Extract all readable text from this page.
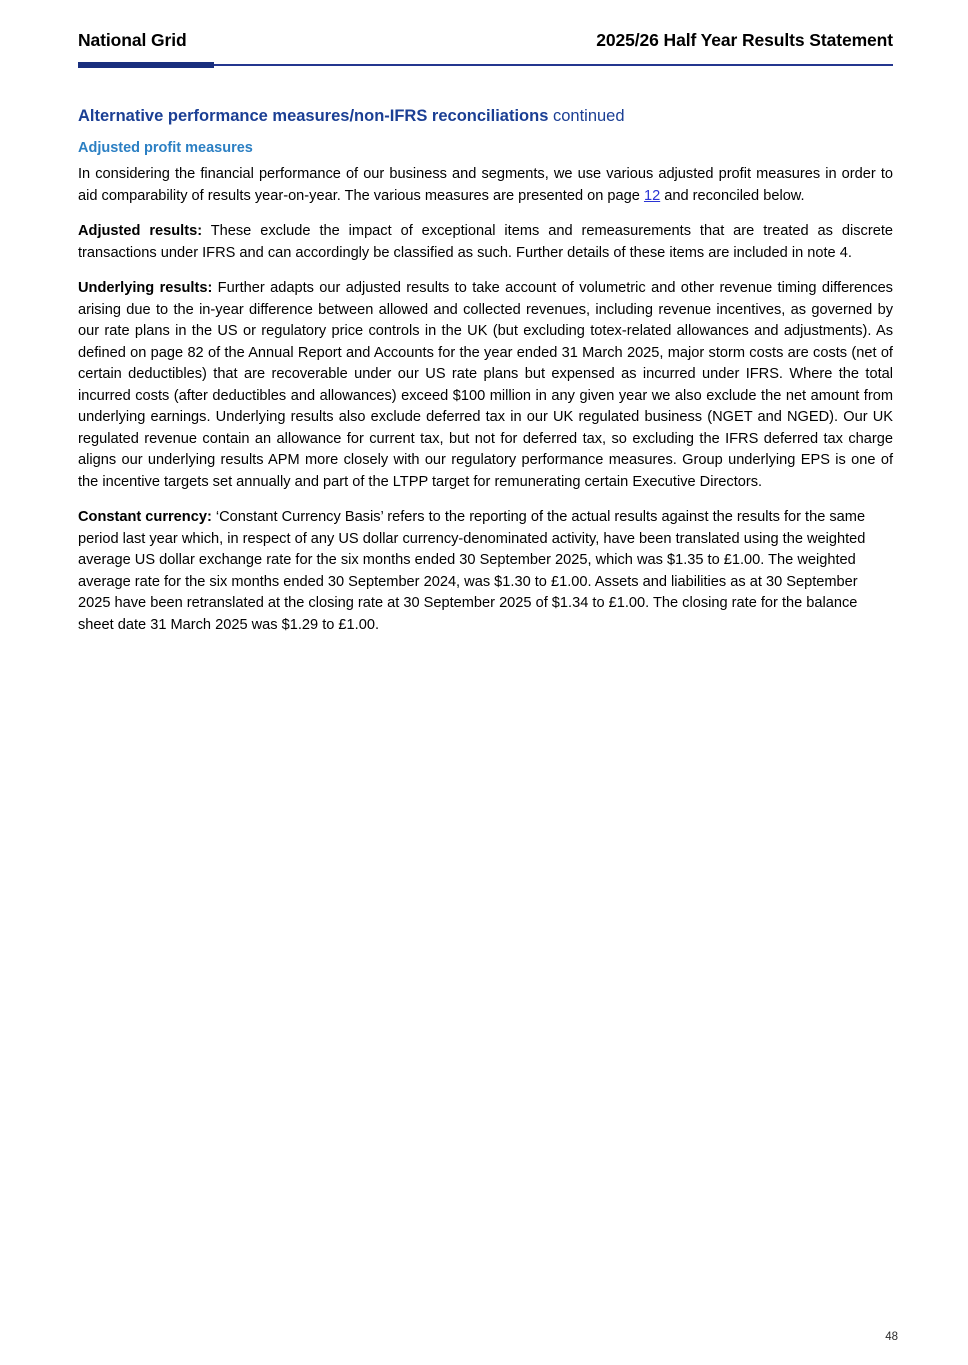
National Grid	2025/26 Half Year Results Statement
Alternative performance measures/non-IFRS reconciliations continued
Adjusted profit measures

In considering the financial performance of our business and segments, we use various adjusted profit measures in order to aid comparability of results year-on-year. The various measures are presented on page 12 and reconciled below.

Adjusted results: These exclude the impact of exceptional items and remeasurements that are treated as discrete transactions under IFRS and can accordingly be classified as such. Further details of these items are included in note 4.

Underlying results: Further adapts our adjusted results to take account of volumetric and other revenue timing differences arising due to the in-year difference between allowed and collected revenues, including revenue incentives, as governed by our rate plans in the US or regulatory price controls in the UK (but excluding totex-related allowances and adjustments). As defined on page 82 of the Annual Report and Accounts for the year ended 31 March 2025, major storm costs are costs (net of certain deductibles) that are recoverable under our US rate plans but expensed as incurred under IFRS. Where the total incurred costs (after deductibles and allowances) exceed $100 million in any given year we also exclude the net amount from underlying earnings. Underlying results also exclude deferred tax in our UK regulated business (NGET and NGED). Our UK regulated revenue contain an allowance for current tax, but not for deferred tax, so excluding the IFRS deferred tax charge aligns our underlying results APM more closely with our regulatory performance measures. Group underlying EPS is one of the incentive targets set annually and part of the LTPP target for remunerating certain Executive Directors.

Constant currency: ‘Constant Currency Basis’ refers to the reporting of the actual results against the results for the same period last year which, in respect of any US dollar currency-denominated activity, have been translated using the weighted average US dollar exchange rate for the six months ended 30 September 2025, which was $1.35 to £1.00. The weighted average rate for the six months ended 30 September 2024, was $1.30 to £1.00. Assets and liabilities as at 30 September 2025 have been retranslated at the closing rate at 30 September 2025 of $1.34 to £1.00. The closing rate for the balance sheet date 31 March 2025 was $1.29 to £1.00.

48
